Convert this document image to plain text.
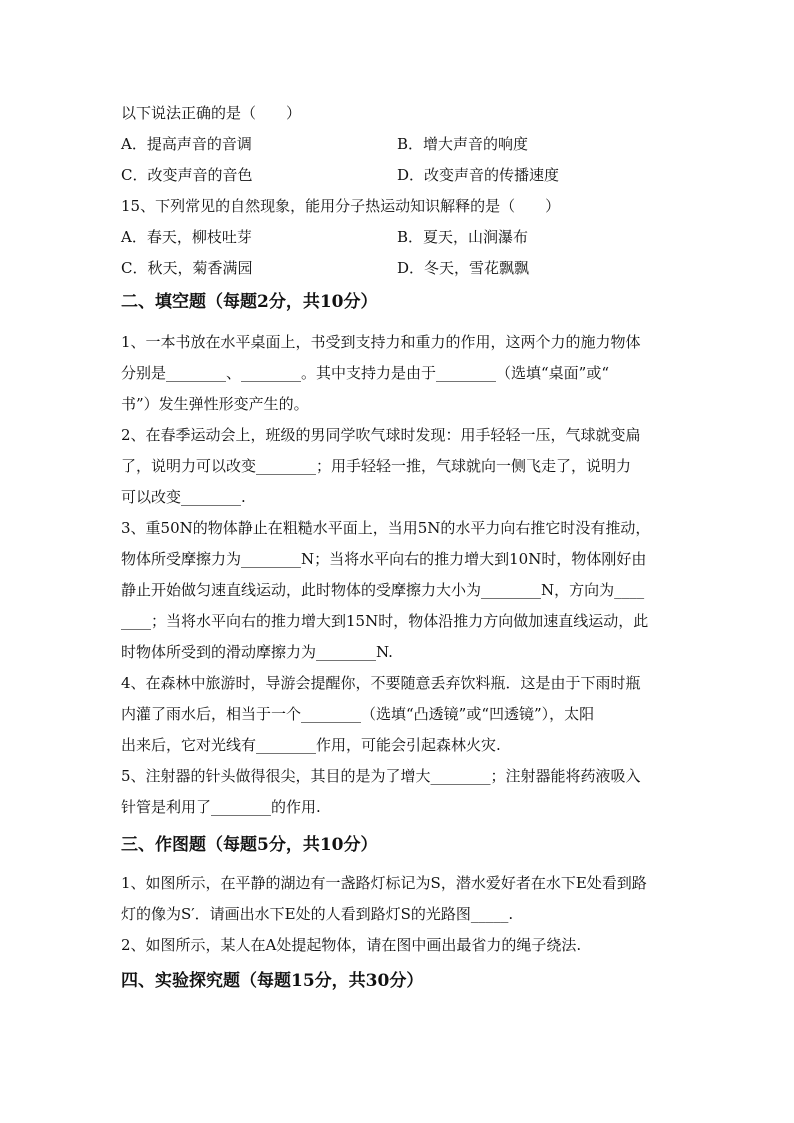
以下说法正确的是（　　）
A．提高声音的音调	B．增大声音的响度
C．改变声音的音色	D．改变声音的传播速度
15、下列常见的自然现象，能用分子热运动知识解释的是（　　）
A．春天，柳枝吐芽	B．夏天，山涧瀑布
C．秋天，菊香满园	D．冬天，雪花飘飘
二、填空题（每题2分，共10分）
1、一本书放在水平桌面上，书受到支持力和重力的作用，这两个力的施力物体
分别是________、________。其中支持力是由于________（选填“桌面”或“
书”）发生弹性形变产生的。
2、在春季运动会上，班级的男同学吹气球时发现：用手轻轻一压，气球就变扁
了，说明力可以改变________；用手轻轻一推，气球就向一侧飞走了，说明力
可以改变________.
3、重50N的物体静止在粗糙水平面上，当用5N的水平力向右推它时没有推动，
物体所受摩擦力为________N；当将水平向右的推力增大到10N时，物体刚好由
静止开始做匀速直线运动，此时物体的受摩擦力大小为________N，方向为____
____；当将水平向右的推力增大到15N时，物体沿推力方向做加速直线运动，此
时物体所受到的滑动摩擦力为________N.
4、在森林中旅游时，导游会提醒你，不要随意丢弃饮料瓶．这是由于下雨时瓶
内灌了雨水后，相当于一个________（选填“凸透镜”或“凹透镜”），太阳
出来后，它对光线有________作用，可能会引起森林火灾.
5、注射器的针头做得很尖，其目的是为了增大________；注射器能将药液吸入
针管是利用了________的作用.
三、作图题（每题5分，共10分）
1、如图所示，在平静的湖边有一盏路灯标记为S，潜水爱好者在水下E处看到路
灯的像为S′．请画出水下E处的人看到路灯S的光路图_____.
2、如图所示，某人在A处提起物体，请在图中画出最省力的绳子绕法.
四、实验探究题（每题15分，共30分）
